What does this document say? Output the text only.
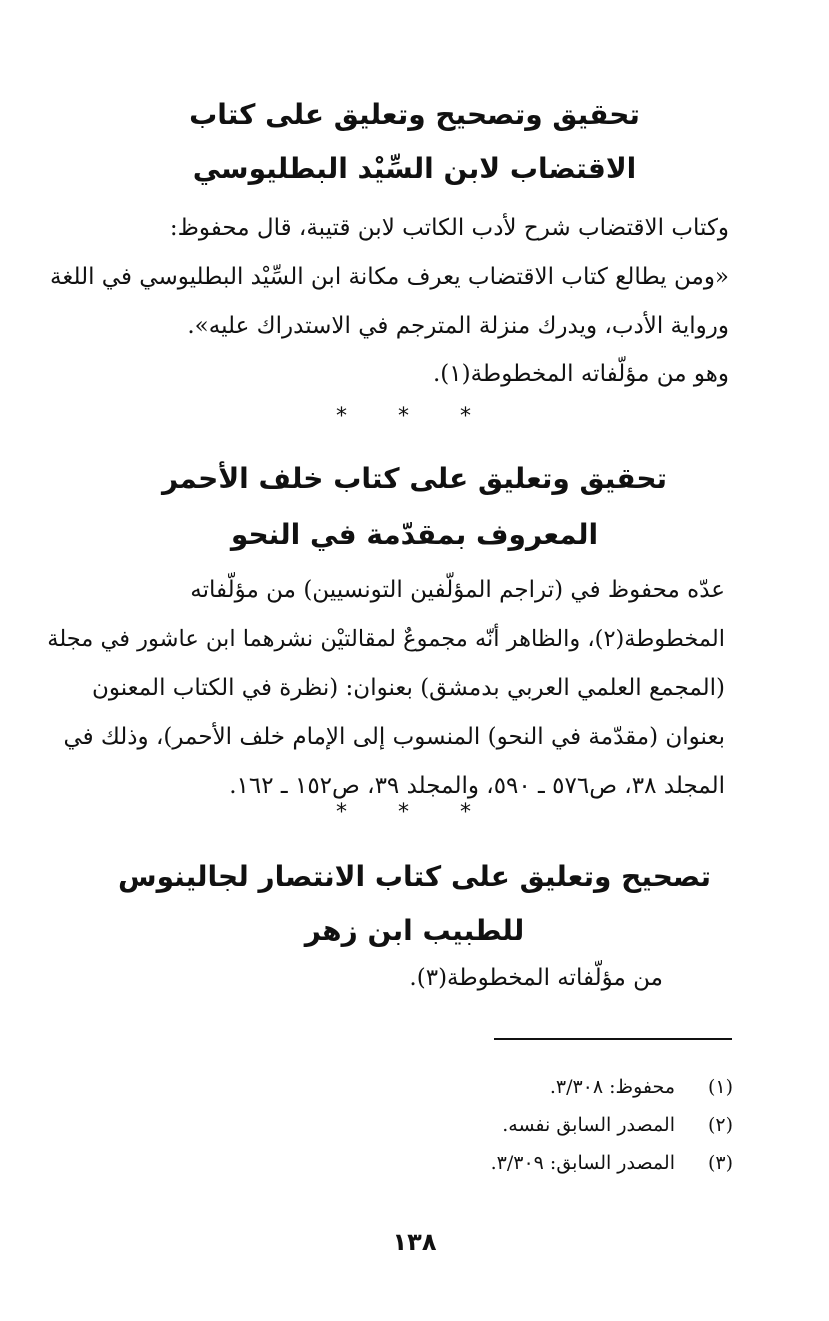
تحقيق وتصحيح وتعليق على كتاب
الاقتضاب لابن السِّيْد البطليوسي
وكتاب الاقتضاب شرح لأدب الكاتب لابن قتيبة، قال محفوظ:
«ومن يطالع كتاب الاقتضاب يعرف مكانة ابن السِّيْد البطليوسي في اللغة
ورواية الأدب، ويدرك منزلة المترجم في الاستدراك عليه».
وهو من مؤلّفاته المخطوطة(١).
* * *
تحقيق وتعليق على كتاب خلف الأحمر
المعروف بمقدّمة في النحو
عدّه محفوظ في (تراجم المؤلّفين التونسيين) من مؤلّفاته
المخطوطة(٢)، والظاهر أنّه مجموعٌ لمقالتيْن نشرهما ابن عاشور في مجلة
(المجمع العلمي العربي بدمشق) بعنوان: (نظرة في الكتاب المعنون
بعنوان (مقدّمة في النحو) المنسوب إلى الإمام خلف الأحمر)، وذلك في
المجلد ٣٨، ص٥٧٦ ـ ٥٩٠، والمجلد ٣٩، ص١٥٢ ـ ١٦٢.
* * *
تصحيح وتعليق على كتاب الانتصار لجالينوس
للطبيب ابن زهر
من مؤلّفاته المخطوطة(٣).
(١)
محفوظ: ٣/٣٠٨.
(٢)
المصدر السابق نفسه.
(٣)
المصدر السابق: ٣/٣٠٩.
١٣٨
